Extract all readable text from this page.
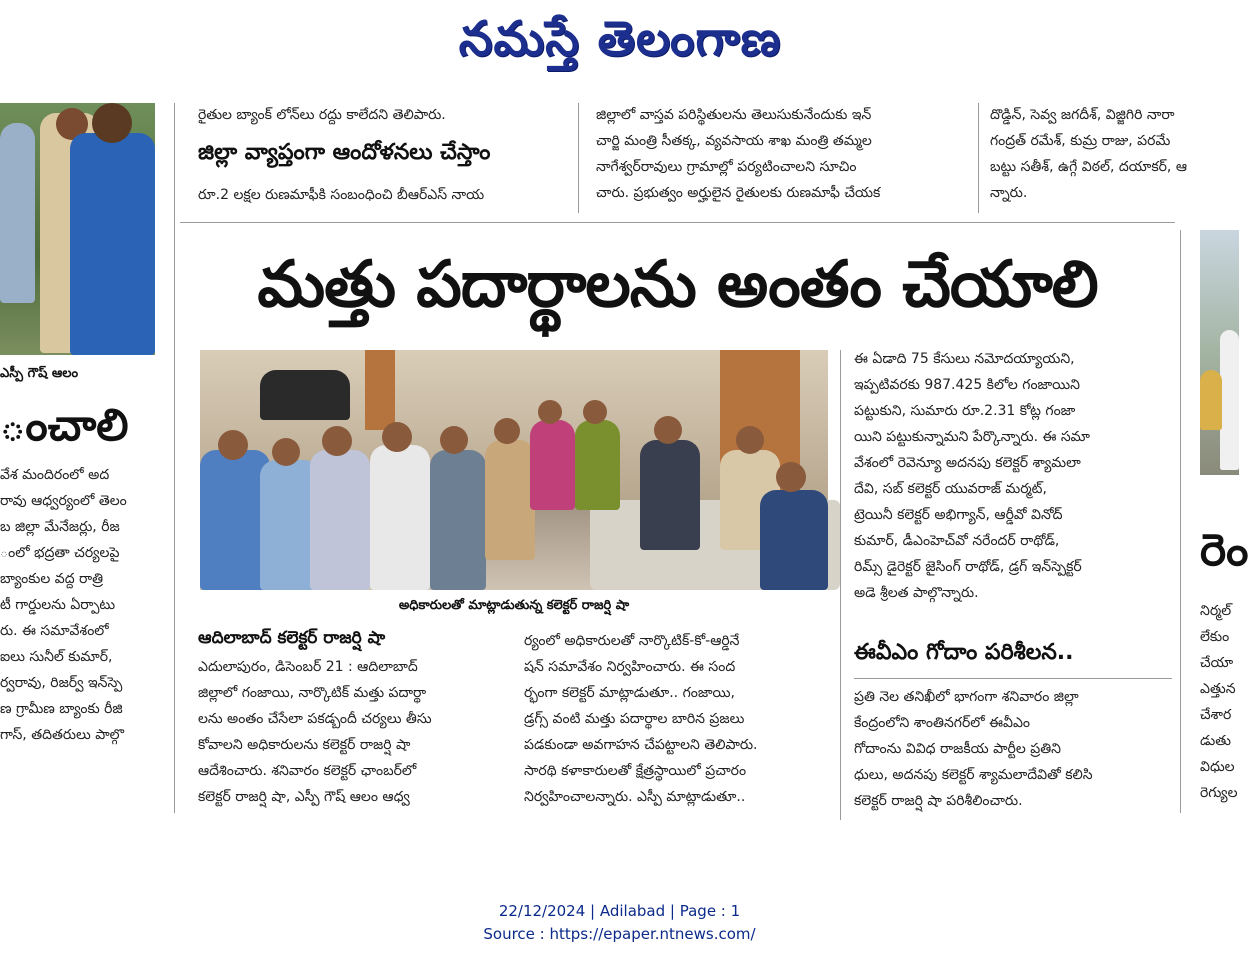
నమస్తే తెలంగాణ
ఎస్పీ గౌష్ ఆలం
ంచాలి
వేశ మందిరంలో అద
రావు ఆధ్వర్యంలో తెలం
బ జిల్లా మేనేజర్లు, రీజ
ంలో భద్రతా చర్యలపై
బ్యాంకుల వద్ద రాత్రి
టీ గార్డులను ఏర్పాటు
రు. ఈ సమావేశంలో
ఐలు సునీల్ కుమార్,
ర్వరావు, రిజర్వ్ ఇన్‌స్పె
ణ గ్రామీణ బ్యాంకు రీజి
గాస్, తదితరులు పాల్గొ
రైతుల బ్యాంక్ లోన్‌లు రద్దు కాలేదని తెలిపారు.
జిల్లా వ్యాప్తంగా ఆందోళనలు చేస్తాం
రూ.2 లక్షల రుణమాఫీకి సంబంధించి బీఆర్‌ఎస్ నాయ
జిల్లాలో వాస్తవ పరిస్థితులను తెలుసుకునేందుకు ఇన్
చార్జి మంత్రి సీతక్క, వ్యవసాయ శాఖ మంత్రి తమ్మల
నాగేశ్వర్‌రావులు గ్రామాల్లో పర్యటించాలని సూచిం
చారు. ప్రభుత్వం అర్హులైన రైతులకు రుణమాఫీ చేయక
దొడ్డిన్, సెవ్వ జగదీశ్, విజ్జిగిరి నారా
గంద్రత్ రమేశ్, కుమ్ర రాజు, పరమే
బట్టు సతీశ్, ఉగ్గే విఠల్, దయాకర్, ఆ
న్నారు.
మత్తు పదార్థాలను అంతం చేయాలి
అధికారులతో మాట్లాడుతున్న కలెక్టర్ రాజర్షి షా
ఆదిలాబాద్ కలెక్టర్ రాజర్షి షా
ఎదులాపురం, డిసెంబర్ 21 : ఆదిలాబాద్
జిల్లాలో గంజాయి, నార్కొటిక్ మత్తు పదార్థా
లను అంతం చేసేలా పకడ్బందీ చర్యలు తీసు
కోవాలని అధికారులను కలెక్టర్ రాజర్షి షా
ఆదేశించారు. శనివారం కలెక్టర్ ఛాంబర్‌లో
కలెక్టర్ రాజర్షి షా, ఎస్పీ గౌష్ ఆలం ఆధ్వ
ర్యంలో అధికారులతో నార్కొటిక్-కో-ఆర్డినే
షన్ సమావేశం నిర్వహించారు. ఈ సంద
ర్భంగా కలెక్టర్ మాట్లాడుతూ.. గంజాయి,
డ్రగ్స్ వంటి మత్తు పదార్థాల బారిన ప్రజలు
పడకుండా అవగాహన చేపట్టాలని తెలిపారు.
సారథి కళాకారులతో క్షేత్రస్థాయిలో ప్రచారం
నిర్వహించాలన్నారు. ఎస్పీ మాట్లాడుతూ..
ఈ ఏడాది 75 కేసులు నమోదయ్యాయని,
ఇప్పటివరకు 987.425 కిలోల గంజాయిని
పట్టుకుని, సుమారు రూ.2.31 కోట్ల గంజా
యిని పట్టుకున్నామని పేర్కొన్నారు. ఈ సమా
వేశంలో రెవెన్యూ అదనపు కలెక్టర్ శ్యామలా
దేవి, సబ్ కలెక్టర్ యువరాజ్ మర్మట్,
ట్రెయినీ కలెక్టర్ అభిగ్యాన్, ఆర్డీవో వినోద్
కుమార్, డీఎంహెచ్‌వో నరేందర్ రాథోడ్,
రిమ్స్ డైరెక్టర్ జైసింగ్ రాథోడ్, డ్రగ్ ఇన్‌స్పెక్టర్
అడె శ్రీలత పాల్గొన్నారు.
ఈవీఎం గోదాం పరిశీలన..
ప్రతి నెల తనిఖీలో భాగంగా శనివారం జిల్లా
కేంద్రంలోని శాంతినగర్‌లో ఈవీఎం
గోదాంను వివిధ రాజకీయ పార్టీల ప్రతిని
ధులు, అదనపు కలెక్టర్ శ్యామలాదేవితో కలిసి
కలెక్టర్ రాజర్షి షా పరిశీలించారు.
రెం
నిర్మల్
లేకుం
చేయా
ఎత్తున
చేశార
డుతు
విధుల
రెగ్యుల
22/12/2024 | Adilabad | Page : 1
Source : https://epaper.ntnews.com/
